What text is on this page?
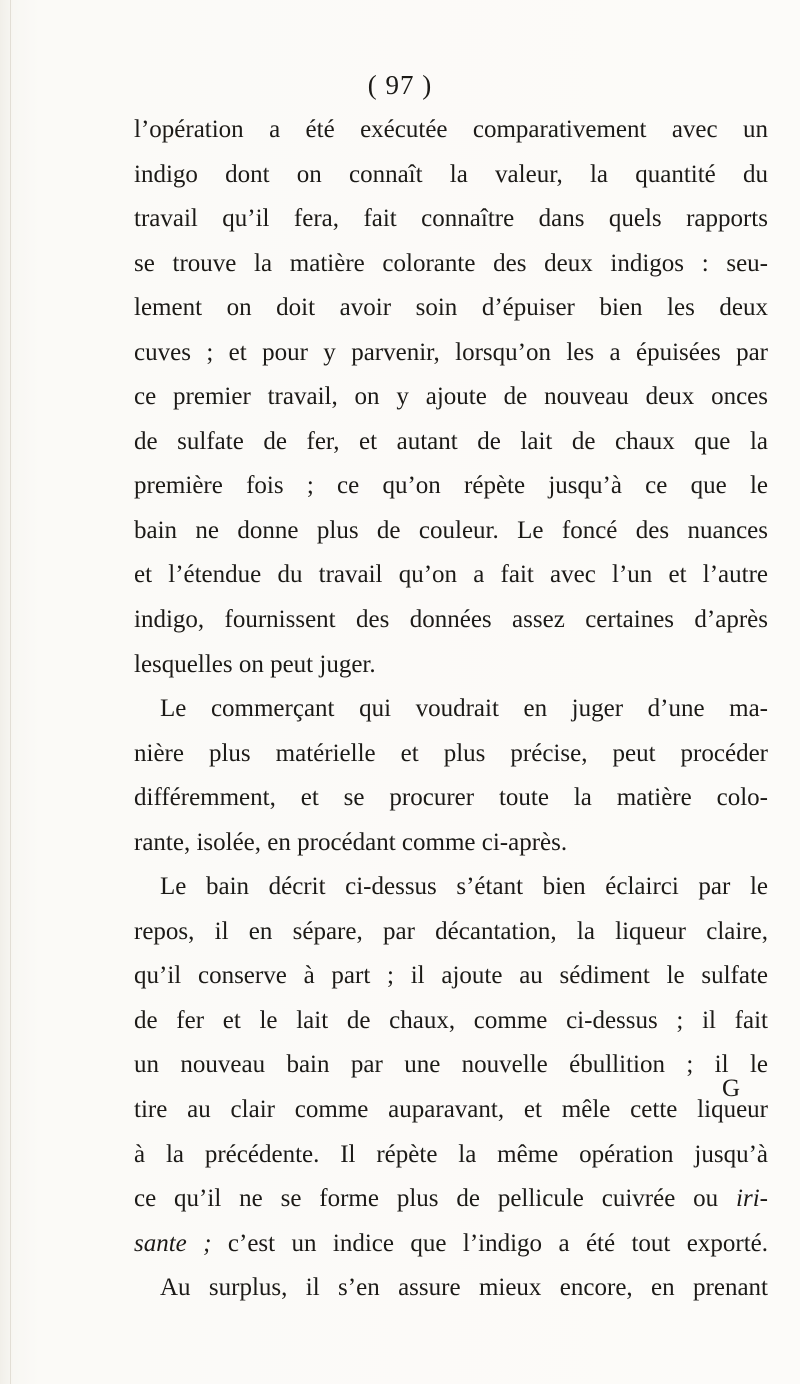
( 97 )
l’opération a été exécutée comparativement avec un
indigo dont on connaît la valeur, la quantité du
travail qu’il fera, fait connaître dans quels rapports
se trouve la matière colorante des deux indigos : seu-
lement on doit avoir soin d’épuiser bien les deux
cuves ; et pour y parvenir, lorsqu’on les a épuisées par
ce premier travail, on y ajoute de nouveau deux onces
de sulfate de fer, et autant de lait de chaux que la
première fois ; ce qu’on répète jusqu’à ce que le
bain ne donne plus de couleur. Le foncé des nuances
et l’étendue du travail qu’on a fait avec l’un et l’autre
indigo, fournissent des données assez certaines d’après
lesquelles on peut juger.
Le commerçant qui voudrait en juger d’une ma-
nière plus matérielle et plus précise, peut procéder
différemment, et se procurer toute la matière colo-
rante, isolée, en procédant comme ci-après.
Le bain décrit ci-dessus s’étant bien éclairci par le
repos, il en sépare, par décantation, la liqueur claire,
qu’il conserve à part ; il ajoute au sédiment le sulfate
de fer et le lait de chaux, comme ci-dessus ; il fait
un nouveau bain par une nouvelle ébullition ; il le
tire au clair comme auparavant, et mêle cette liqueur
à la précédente. Il répète la même opération jusqu’à
ce qu’il ne se forme plus de pellicule cuivrée ou iri-
sante ; c’est un indice que l’indigo a été tout exporté.
Au surplus, il s’en assure mieux encore, en prenant
G
